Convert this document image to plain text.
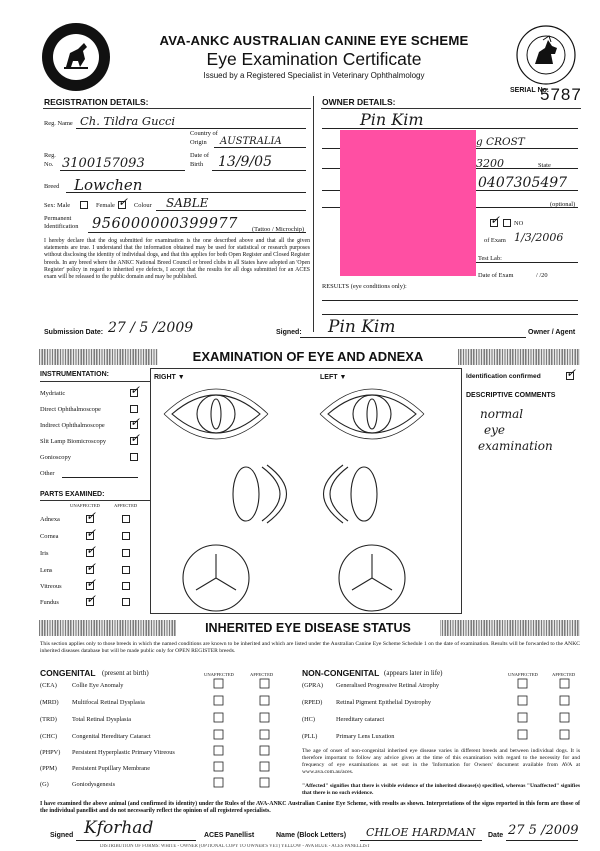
AVA-ANKC AUSTRALIAN CANINE EYE SCHEME
Eye Examination Certificate
Issued by a Registered Specialist in Veterinary Ophthalmology
SERIAL No.
5787
REGISTRATION DETAILS:
Reg. Name Ch. Tildra Gucci
Country of
Origin AUSTRALIA
Reg.
No. 3100157093
Date of
Birth 13/9/05
Breed Lowchen
Sex: Male	Female
✓	Colour SABLE
Permanent
Identification 956000000399977 (Tattoo / Microchip)
I hereby declare that the dog submitted for examination is the one described above and that all the given statements are true. I understand that the information obtained may be used for statistical or research purposes without disclosing the identity of individual dogs, and that this applies for both Open Register and Closed Register breeds. In any breed where the ANKC National Breed Council or breed clubs in all States have adopted an 'Open Register' policy in regard to inherited eye defects, I accept that the results for all dogs submitted for an ACES exam will be released to the public domain and may be published.
OWNER DETAILS:
Pin Kim
g CROST
3200	State
0407305497
(optional)
✓
NO
of Exam 1/3/2006
Test Lab:
Date of Exam	/ /20
RESULTS (eye conditions only):
Submission Date: 27 / 5 /2009	Signed: Pin Kim	Owner / Agent
EXAMINATION OF EYE AND ADNEXA
INSTRUMENTATION:
Mydriatic
✓
Direct Ophthalmoscope
Indirect Ophthalmoscope
✓
Slit Lamp Biomicroscopy
✓
Gonioscopy
Other
PARTS EXAMINED:
UNAFFECTED	AFFECTED
Adnexa
✓
Cornea
✓
Iris
✓
Lens
✓
Vitreous
✓
Fundus
✓
RIGHT ▼	LEFT ▼	Identification confirmed
✓
DESCRIPTIVE COMMENTS
normal
eye
examination
INHERITED EYE DISEASE STATUS
This section applies only to those breeds in which the named conditions are known to be inherited and which are listed under the Australian Canine Eye Scheme Schedule 1 on the date of examination. Results will be forwarded to the ANKC inherited diseases database but will be made public only for OPEN REGISTER breeds.
CONGENITAL (present at birth)	UNAFFECTED	AFFECTED
(CEA) Collie Eye Anomaly
(MRD) Multifocal Retinal Dysplasia
(TRD) Total Retinal Dysplasia
(CHC) Congenital Hereditary Cataract
(PHPV) Persistent Hyperplastic Primary Vitreous
(PPM) Persistent Pupillary Membrane
(G)	Goniodysgenesis
NON-CONGENITAL (appears later in life)	UNAFFECTED	AFFECTED
(GPRA) Generalised Progressive Retinal Atrophy
(RPED) Retinal Pigment Epithelial Dystrophy
(HC)	Hereditary cataract
(PLL)	Primary Lens Luxation
The age of onset of non-congenital inherited eye disease varies in different breeds and between individual dogs. It is therefore important to follow any advice given at the time of this examination with regard to the necessity for and frequency of eye examinations as set out in the 'Information for Owners' document available from AVA at www.ava.com.au/aces.
"Affected" signifies that there is visible evidence of the inherited disease(s) specified, whereas "Unaffected" signifies that there is no such evidence.
I have examined the above animal (and confirmed its identity) under the Rules of the AVA-ANKC Australian Canine Eye Scheme, with results as shown. Interpretations of the signs reported in this form are those of the individual panellist and do not necessarily reflect the opinion of all registered specialists.
Signed Kforhad	ACES Panellist	Name (Block Letters) CHLOE HARDMAN Date 27 5 /2009
DISTRIBUTION OF FORMS: WHITE - OWNER (OPTIONAL COPY TO OWNER'S VET) YELLOW - AVA BLUE - ACES PANELLIST
